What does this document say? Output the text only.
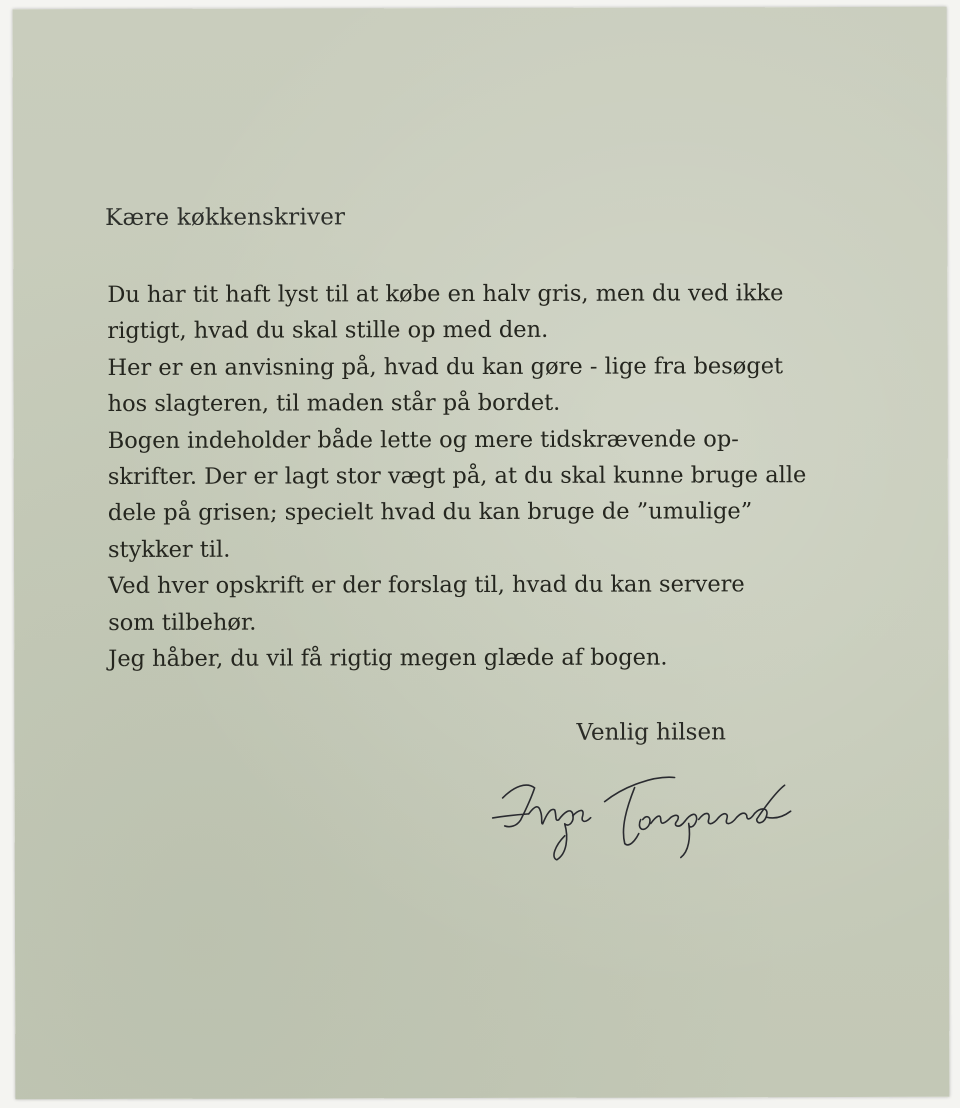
Kære køkkenskriver
Du har tit haft lyst til at købe en halv gris, men du ved ikke
rigtigt, hvad du skal stille op med den.
Her er en anvisning på, hvad du kan gøre - lige fra besøget
hos slagteren, til maden står på bordet.
Bogen indeholder både lette og mere tidskrævende op-
skrifter. Der er lagt stor vægt på, at du skal kunne bruge alle
dele på grisen; specielt hvad du kan bruge de ”umulige”
stykker til.
Ved hver opskrift er der forslag til, hvad du kan servere
som tilbehør.
Jeg håber, du vil få rigtig megen glæde af bogen.
Venlig hilsen
